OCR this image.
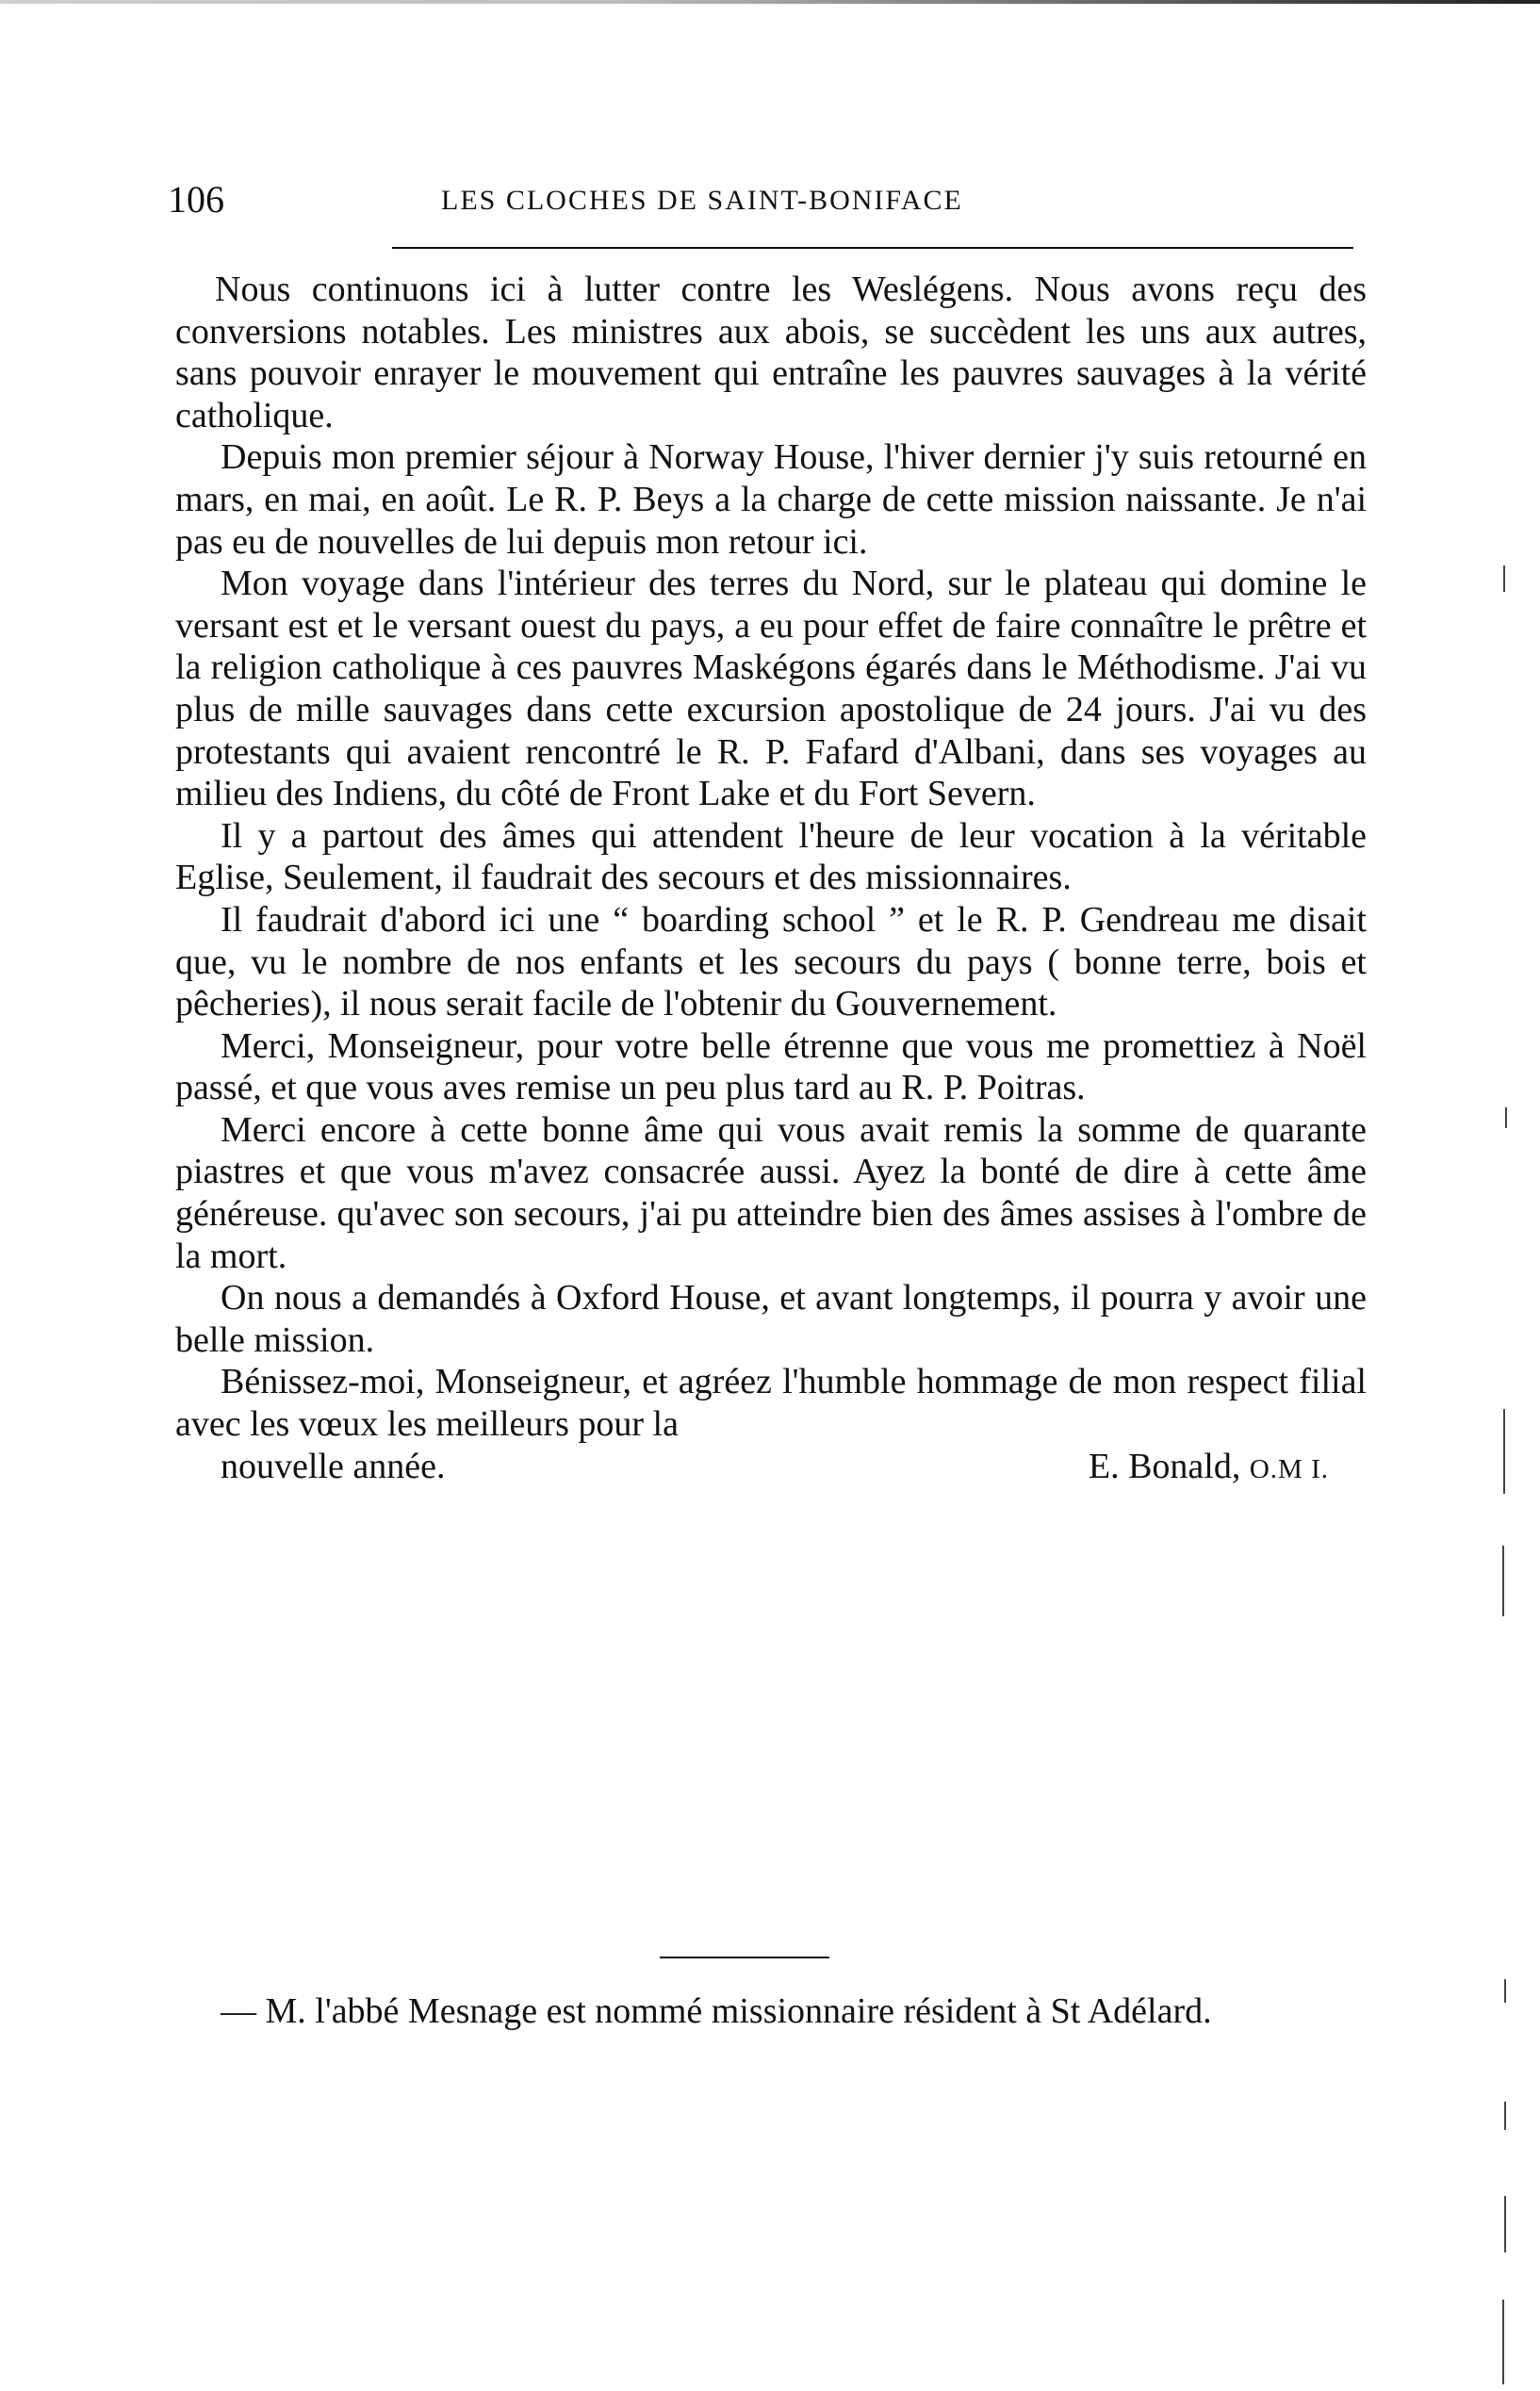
106	LES CLOCHES DE SAINT-BONIFACE

Nous continuons ici à lutter contre les Weslégens. Nous avons reçu des conversions notables. Les ministres aux abois, se succèdent les uns aux autres, sans pouvoir enrayer le mouvement qui entraîne les pauvres sauvages à la vérité catholique.

Depuis mon premier séjour à Norway House, l'hiver dernier j'y suis retourné en mars, en mai, en août. Le R. P. Beys a la charge de cette mission naissante. Je n'ai pas eu de nouvelles de lui depuis mon retour ici.

Mon voyage dans l'intérieur des terres du Nord, sur le plateau qui domine le versant est et le versant ouest du pays, a eu pour effet de faire connaître le prêtre et la religion catholique à ces pauvres Maskégons égarés dans le Méthodisme. J'ai vu plus de mille sauvages dans cette excursion apostolique de 24 jours. J'ai vu des protestants qui avaient rencontré le R. P. Fafard d'Albani, dans ses voyages au milieu des Indiens, du côté de Front Lake et du Fort Severn.

Il y a partout des âmes qui attendent l'heure de leur vocation à la véritable Eglise, Seulement, il faudrait des secours et des missionnaires.

Il faudrait d'abord ici une “ boarding school ” et le R. P. Gendreau me disait que, vu le nombre de nos enfants et les secours du pays ( bonne terre, bois et pêcheries), il nous serait facile de l'obtenir du Gouvernement.

Merci, Monseigneur, pour votre belle étrenne que vous me promettiez à Noël passé, et que vous aves remise un peu plus tard au R. P. Poitras.

Merci encore à cette bonne âme qui vous avait remis la somme de quarante piastres et que vous m'avez consacrée aussi. Ayez la bonté de dire à cette âme généreuse. qu'avec son secours, j'ai pu atteindre bien des âmes assises à l'ombre de la mort.

On nous a demandés à Oxford House, et avant longtemps, il pourra y avoir une belle mission.

Bénissez-moi, Monseigneur, et agréez l'humble hommage de mon respect filial avec les vœux les meilleurs pour la

nouvelle année.	E. Bonald, O.M I.

— M. l'abbé Mesnage est nommé missionnaire résident à St Adélard.
